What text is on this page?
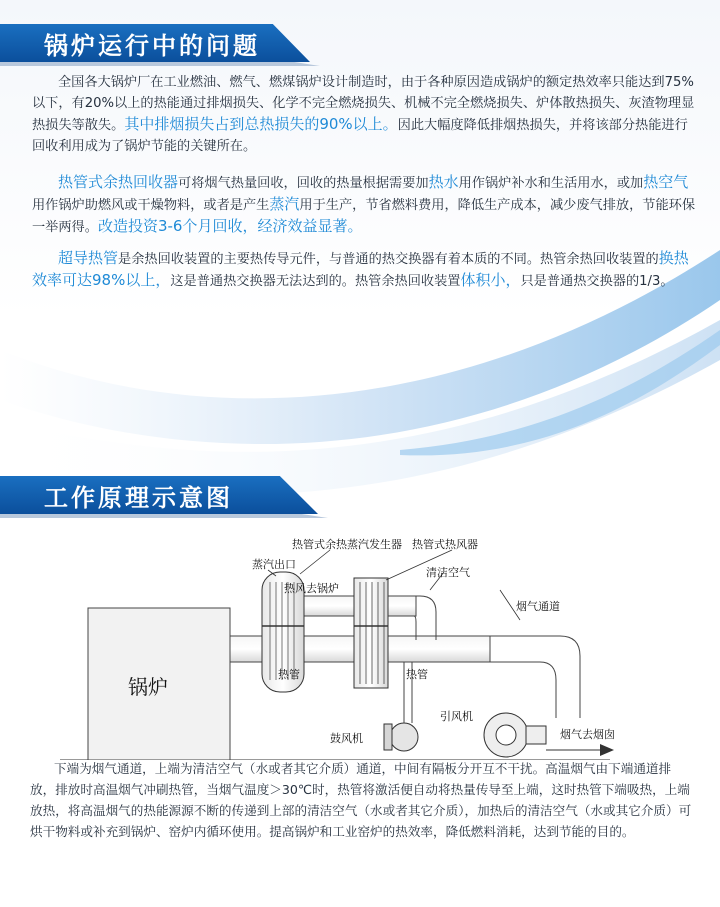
锅炉运行中的问题
全国各大锅炉厂在工业燃油、燃气、燃煤锅炉设计制造时，由于各种原因造成锅炉的额定热效率只能达到75%以下，有20%以上的热能通过排烟损失、化学不完全燃烧损失、机械不完全燃烧损失、炉体散热损失、灰渣物理显热损失等散失。其中排烟损失占到总热损失的90%以上。因此大幅度降低排烟热损失，并将该部分热能进行回收利用成为了锅炉节能的关键所在。
热管式余热回收器可将烟气热量回收，回收的热量根据需要加热水用作锅炉补水和生活用水，或加热空气用作锅炉助燃风或干燥物料，或者是产生蒸汽用于生产，节省燃料费用，降低生产成本，减少废气排放，节能环保一举两得。改造投资3-6个月回收，经济效益显著。
超导热管是余热回收装置的主要热传导元件，与普通的热交换器有着本质的不同。热管余热回收装置的换热效率可达98%以上，这是普通热交换器无法达到的。热管余热回收装置体积小，只是普通热交换器的1/3。
工作原理示意图
锅炉
热管式余热蒸汽发生器 热管式热风器
蒸汽出口
热风去锅炉
清洁空气
烟气通道
热管	热管
引风机
鼓风机	烟气去烟囱
下端为烟气通道，上端为清洁空气（水或者其它介质）通道，中间有隔板分开互不干扰。高温烟气由下端通道排放，排放时高温烟气冲刷热管，当烟气温度＞30℃时，热管将激活便自动将热量传导至上端，这时热管下端吸热，上端放热，将高温烟气的热能源源不断的传递到上部的清洁空气（水或者其它介质），加热后的清洁空气（水或其它介质）可烘干物料或补充到锅炉、窑炉内循环使用。提高锅炉和工业窑炉的热效率，降低燃料消耗，达到节能的目的。
